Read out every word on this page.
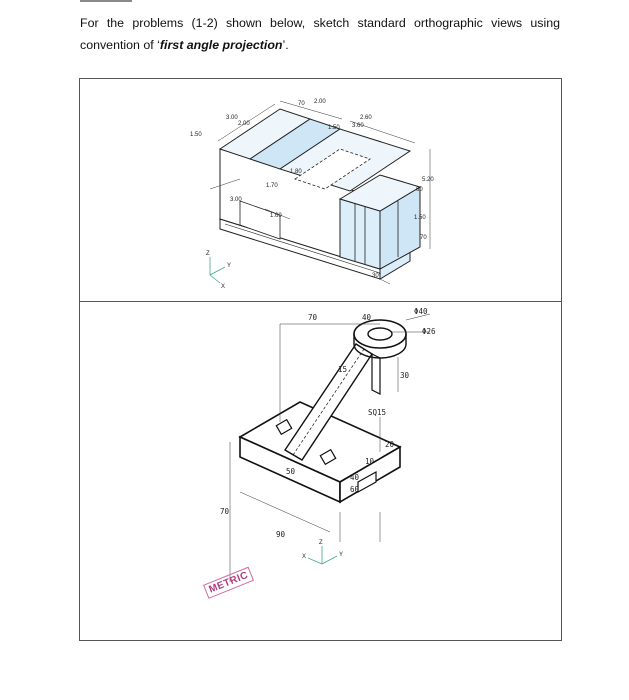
For the problems (1-2) shown below, sketch standard orthographic views using convention of ‘first angle projection’.
3.00
2.00
70 2.00
1.50
2.60
3.60
1.50
1.70
1.80
3.00
1.60
5.20
60
1.50
70
30°
Z
Y
X
METRIC
70	40
Φ40
Φ26
15
30
SQ15
20
70
50
90
40
60
10
Z
Y
X
